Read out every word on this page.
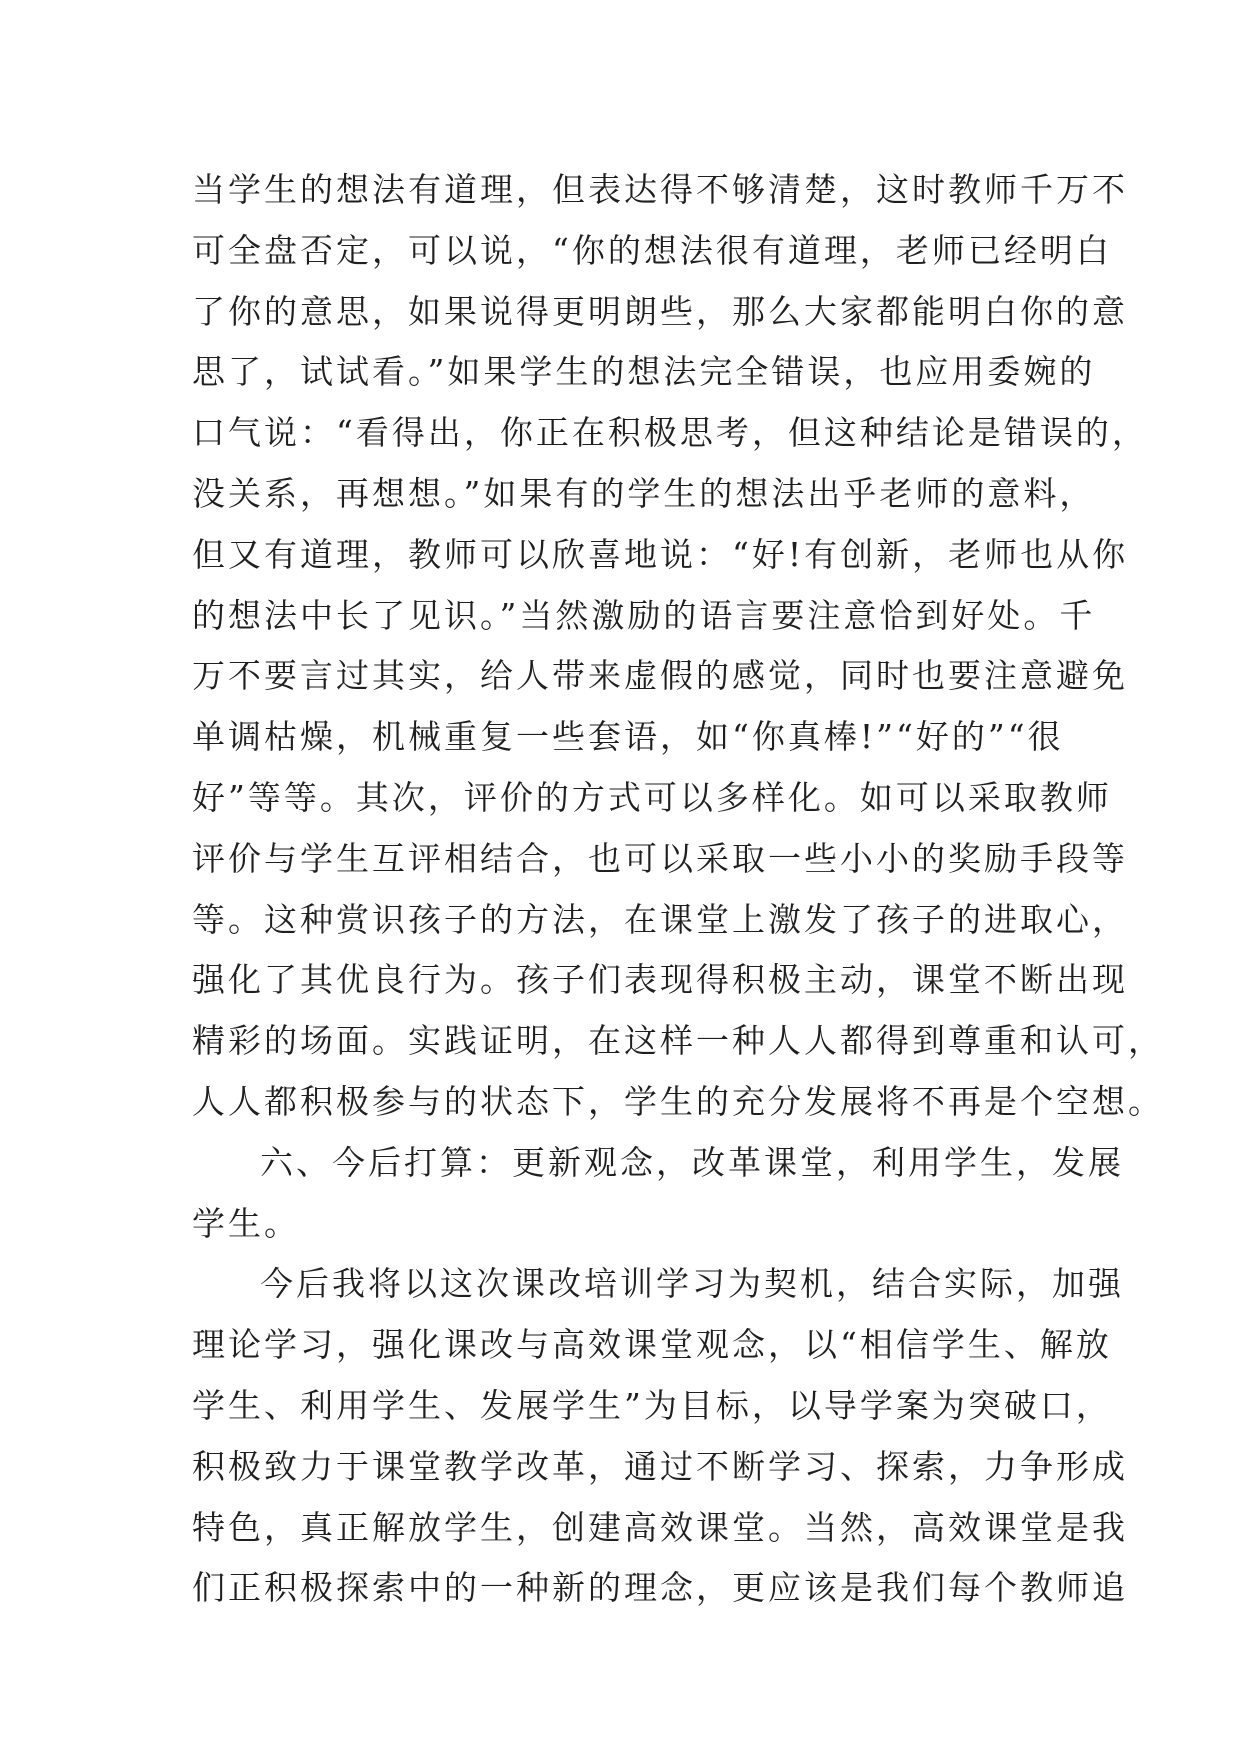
当学生的想法有道理，但表达得不够清楚，这时教师千万不
可全盘否定，可以说，“你的想法很有道理，老师已经明白
了你的意思，如果说得更明朗些，那么大家都能明白你的意
思了，试试看。”如果学生的想法完全错误，也应用委婉的
口气说：“看得出，你正在积极思考，但这种结论是错误的，
没关系，再想想。”如果有的学生的想法出乎老师的意料，
但又有道理，教师可以欣喜地说：“好!有创新，老师也从你
的想法中长了见识。”当然激励的语言要注意恰到好处。千
万不要言过其实，给人带来虚假的感觉，同时也要注意避免
单调枯燥，机械重复一些套语，如“你真棒!”“好的”“很
好”等等。其次，评价的方式可以多样化。如可以采取教师
评价与学生互评相结合，也可以采取一些小小的奖励手段等
等。这种赏识孩子的方法，在课堂上激发了孩子的进取心，
强化了其优良行为。孩子们表现得积极主动，课堂不断出现
精彩的场面。实践证明，在这样一种人人都得到尊重和认可，
人人都积极参与的状态下，学生的充分发展将不再是个空想。
六、今后打算：更新观念，改革课堂，利用学生，发展
学生。
今后我将以这次课改培训学习为契机，结合实际，加强
理论学习，强化课改与高效课堂观念，以“相信学生、解放
学生、利用学生、发展学生”为目标，以导学案为突破口，
积极致力于课堂教学改革，通过不断学习、探索，力争形成
特色，真正解放学生，创建高效课堂。当然，高效课堂是我
们正积极探索中的一种新的理念，更应该是我们每个教师追
